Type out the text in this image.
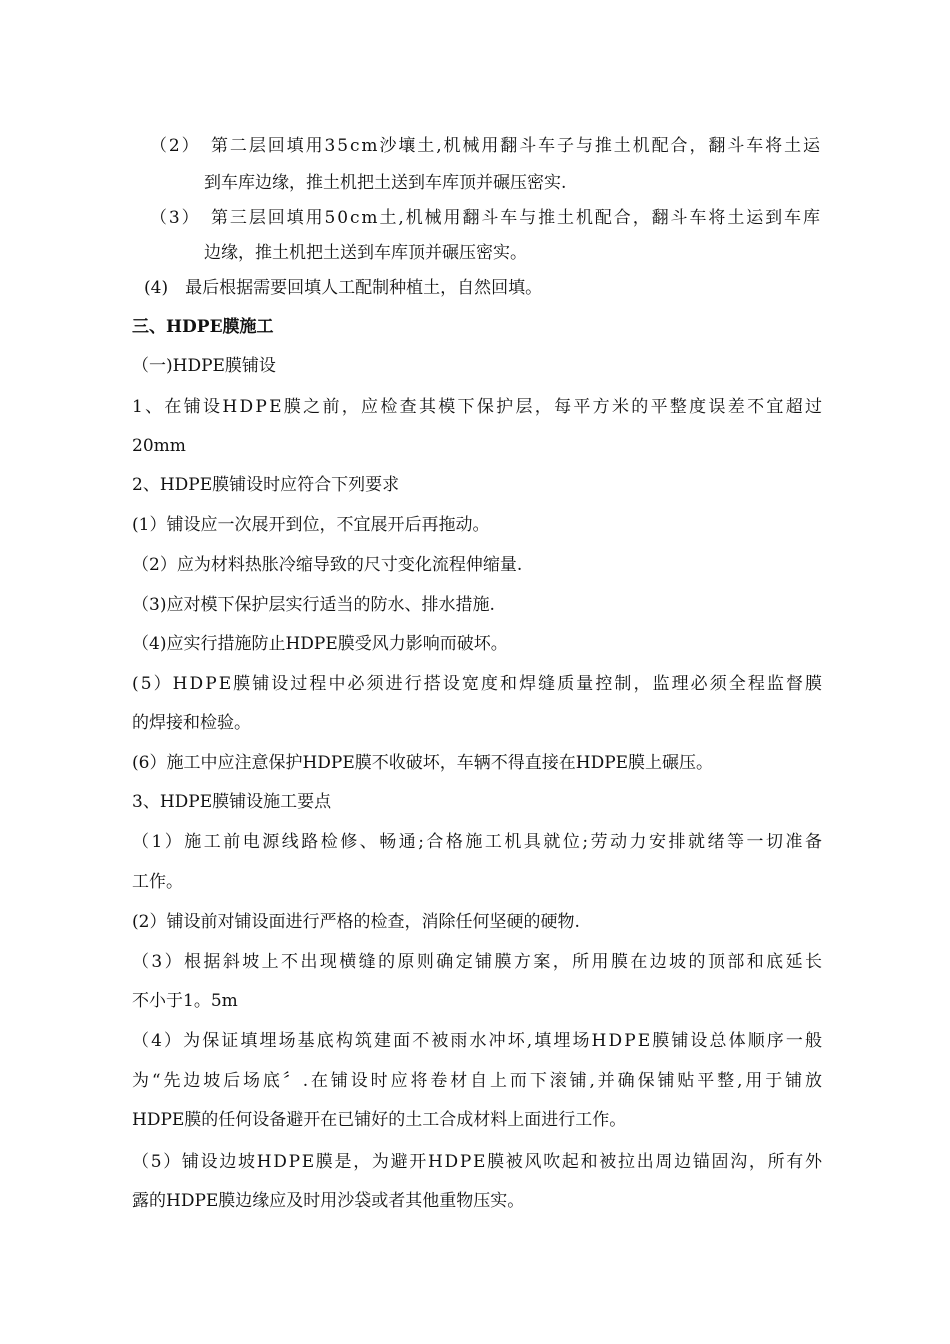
（2）　第二层回填用35cm沙壤土,机械用翻斗车子与推土机配合，翻斗车将土运
到车库边缘，推土机把土送到车库顶并碾压密实.
（3）　第三层回填用50cm土,机械用翻斗车与推土机配合，翻斗车将土运到车库
边缘，推土机把土送到车库顶并碾压密实。
(4)　最后根据需要回填人工配制种植土，自然回填。
三、HDPE膜施工
（一)HDPE膜铺设
1、在铺设HDPE膜之前，应检查其模下保护层，每平方米的平整度误差不宜超过
20mm
2、HDPE膜铺设时应符合下列要求
(1）铺设应一次展开到位，不宜展开后再拖动。
（2）应为材料热胀冷缩导致的尺寸变化流程伸缩量.
（3)应对模下保护层实行适当的防水、排水措施.
（4)应实行措施防止HDPE膜受风力影响而破坏。
(5）HDPE膜铺设过程中必须进行搭设宽度和焊缝质量控制，监理必须全程监督膜
的焊接和检验。
(6）施工中应注意保护HDPE膜不收破坏，车辆不得直接在HDPE膜上碾压。
3、HDPE膜铺设施工要点
（1）施工前电源线路检修、畅通;合格施工机具就位;劳动力安排就绪等一切准备
工作。
(2）铺设前对铺设面进行严格的检查，消除任何坚硬的硬物.
（3）根据斜坡上不出现横缝的原则确定铺膜方案，所用膜在边坡的顶部和底延长
不小于1。5m
（4）为保证填埋场基底构筑建面不被雨水冲坏,填埋场HDPE膜铺设总体顺序一般
为“先边坡后场底〞.在铺设时应将卷材自上而下滚铺,并确保铺贴平整,用于铺放
HDPE膜的任何设备避开在已铺好的土工合成材料上面进行工作。
（5）铺设边坡HDPE膜是，为避开HDPE膜被风吹起和被拉出周边锚固沟，所有外
露的HDPE膜边缘应及时用沙袋或者其他重物压实。
